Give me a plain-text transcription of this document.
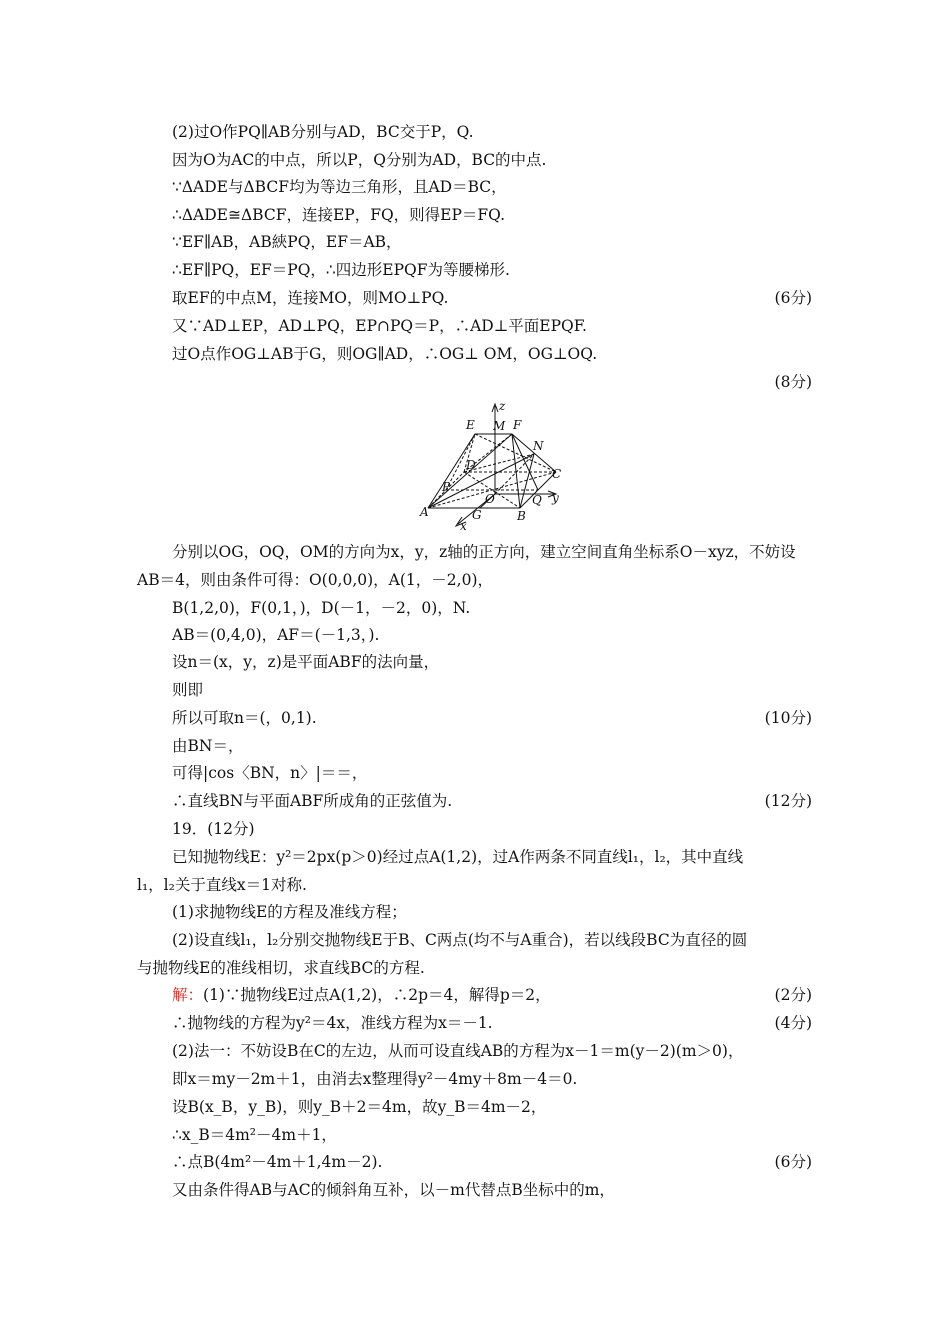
(2)过O作PQ∥AB分别与AD，BC交于P，Q.
因为O为AC的中点，所以P，Q分别为AD，BC的中点.
∵ΔADE与ΔBCF均为等边三角形，且AD＝BC，
∴ΔADE≅ΔBCF，连接EP，FQ，则得EP＝FQ.
∵EF∥AB，AB綊PQ，EF＝AB，
∴EF∥PQ，EF＝PQ，∴四边形EPQF为等腰梯形.
取EF的中点M，连接MO，则MO⊥PQ.	(6分)
又∵AD⊥EP，AD⊥PQ，EP∩PQ＝P，∴AD⊥平面EPQF.
过O点作OG⊥AB于G，则OG∥AD，∴OG⊥ OM，OG⊥OQ.
(8分)
z
E M F
N
D
C
P
O	Q y
A	G	B
x
分别以OG，OQ，OM的方向为x，y，z轴的正方向，建立空间直角坐标系O－xyz，不妨设
AB＝4，则由条件可得：O(0,0,0)，A(1，－2,0)，
B(1,2,0)，F(0,1，)，D(－1，－2，0)，N.
AB＝(0,4,0)，AF＝(－1,3，).
设n＝(x，y，z)是平面ABF的法向量，
则即
所以可取n＝(，0,1).	(10分)
由BN＝，
可得|cos〈BN，n〉|＝＝，
∴直线BN与平面ABF所成角的正弦值为.	(12分)
19．(12分)
已知抛物线E：y²＝2px(p＞0)经过点A(1,2)，过A作两条不同直线l₁，l₂，其中直线
l₁，l₂关于直线x＝1对称.
(1)求抛物线E的方程及准线方程；
(2)设直线l₁，l₂分别交抛物线E于B、C两点(均不与A重合)，若以线段BC为直径的圆
与抛物线E的准线相切，求直线BC的方程.
解：(1)∵抛物线E过点A(1,2)，∴2p＝4，解得p＝2，	(2分)
∴抛物线的方程为y²＝4x，准线方程为x＝－1.	(4分)
(2)法一：不妨设B在C的左边，从而可设直线AB的方程为x－1＝m(y－2)(m＞0)，
即x＝my－2m＋1，由消去x整理得y²－4my＋8m－4＝0.
设B(x_B，y_B)，则y_B＋2＝4m，故y_B＝4m－2，
∴x_B＝4m²－4m＋1，
∴点B(4m²－4m＋1,4m－2).	(6分)
又由条件得AB与AC的倾斜角互补，以－m代替点B坐标中的m，
